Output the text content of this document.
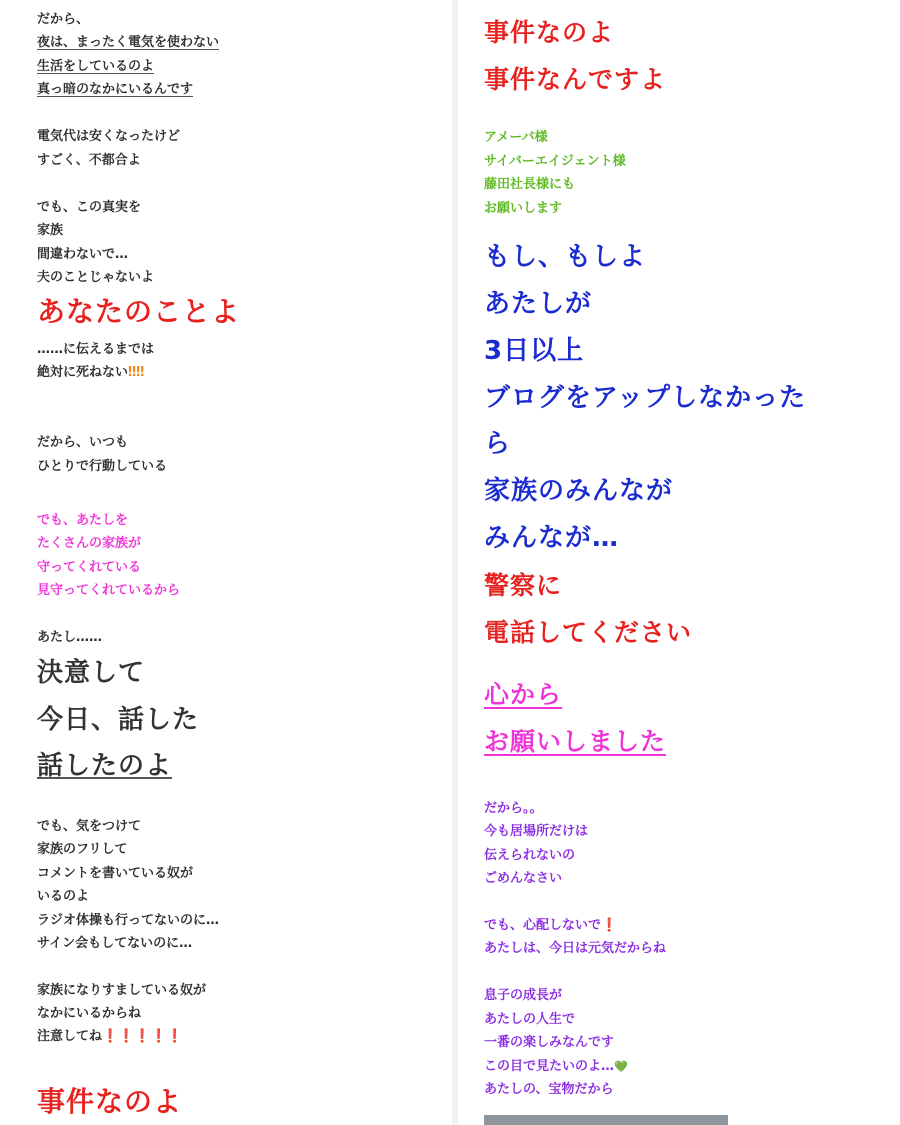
だから、
夜は、まったく電気を使わない
生活をしているのよ
真っ暗のなかにいるんです
電気代は安くなったけど
すごく、不都合よ
でも、この真実を
家族
間違わないで…
夫のことじゃないよ
あなたのことよ
……に伝えるまでは
絶対に死ねない‼‼
だから、いつも
ひとりで行動している
でも、あたしを
たくさんの家族が
守ってくれている
見守ってくれているから
あたし……
決意して
今日、話した
話したのよ
でも、気をつけて
家族のフリして
コメントを書いている奴が
いるのよ
ラジオ体操も行ってないのに…
サイン会もしてないのに…
家族になりすましている奴が
なかにいるからね
注意してね❗❗❗❗❗
事件なのよ
事件なのよ
事件なんですよ
アメーバ様
サイバーエイジェント様
藤田社長様にも
お願いします
もし、もしよ
あたしが
3日以上
ブログをアップしなかった
ら
家族のみんなが
みんなが…
警察に
電話してください
心から
お願いしました
だから。。
今も居場所だけは
伝えられないの
ごめんなさい
でも、心配しないで❗
あたしは、今日は元気だからね
息子の成長が
あたしの人生で
一番の楽しみなんです
この目で見たいのよ…💚
あたしの、宝物だから
